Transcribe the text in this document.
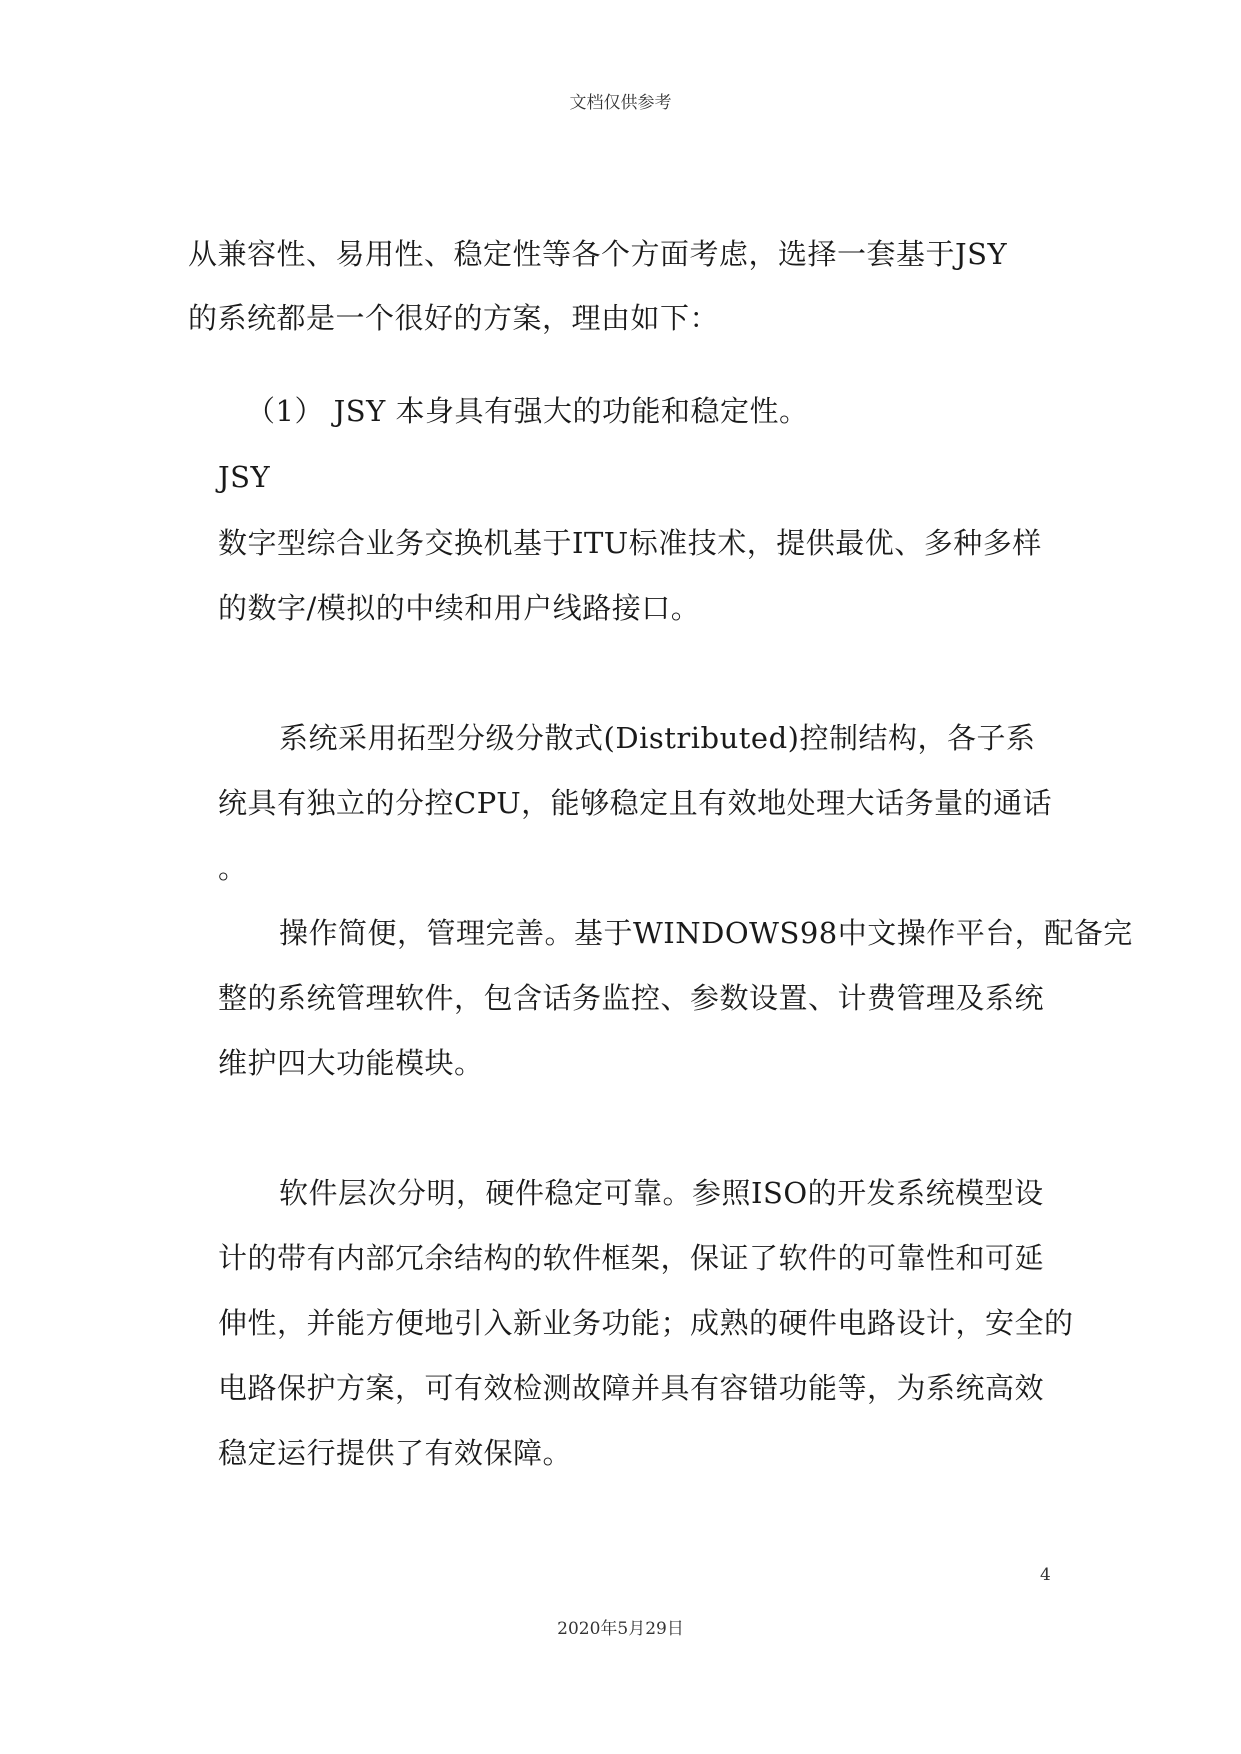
文档仅供参考
从兼容性、易用性、稳定性等各个方面考虑，选择一套基于JSY
的系统都是一个很好的方案，理由如下：
（1） JSY 本身具有强大的功能和稳定性。
JSY
数字型综合业务交换机基于ITU标准技术，提供最优、多种多样
的数字/模拟的中续和用户线路接口。
系统采用拓型分级分散式(Distributed)控制结构，各子系
统具有独立的分控CPU，能够稳定且有效地处理大话务量的通话
。
操作简便，管理完善。基于WINDOWS98中文操作平台，配备完
整的系统管理软件，包含话务监控、参数设置、计费管理及系统
维护四大功能模块。
软件层次分明，硬件稳定可靠。参照ISO的开发系统模型设
计的带有内部冗余结构的软件框架，保证了软件的可靠性和可延
伸性，并能方便地引入新业务功能；成熟的硬件电路设计，安全的
电路保护方案，可有效检测故障并具有容错功能等，为系统高效
稳定运行提供了有效保障。
4
2020年5月29日
